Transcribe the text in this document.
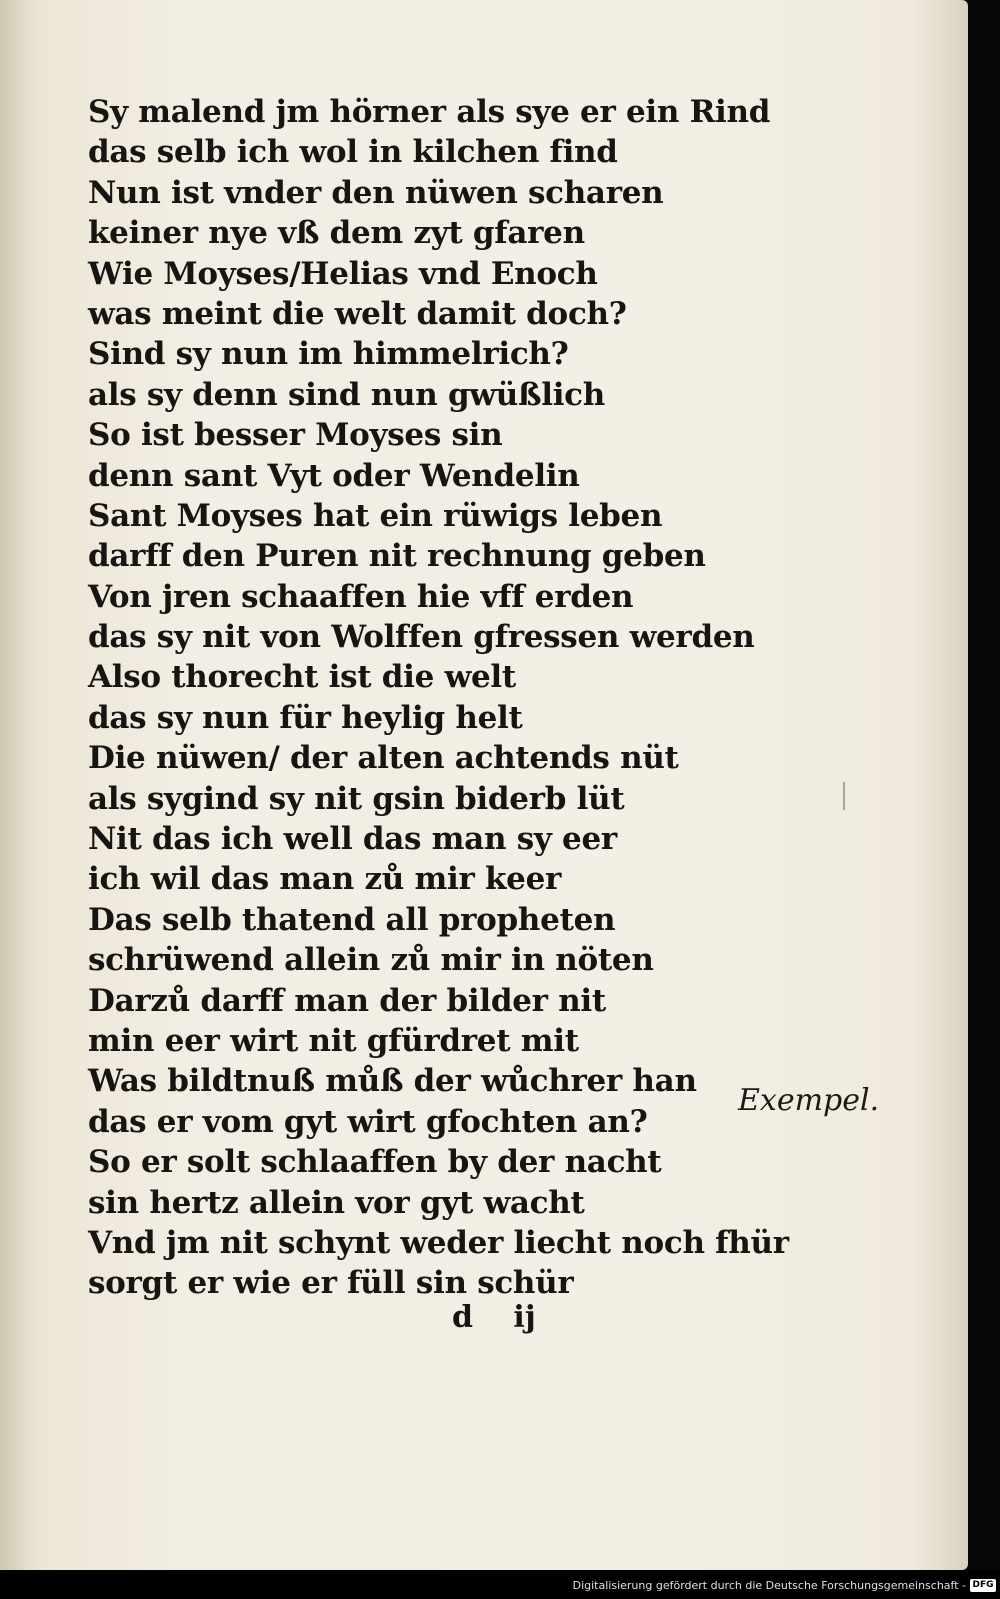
Sy malend jm hörner als sye er ein Rind
das selb ich wol in kilchen find
Nun ist vnder den nüwen scharen
keiner nye vß dem zyt gfaren
Wie Moyses/Helias vnd Enoch
was meint die welt damit doch?
Sind sy nun im himmelrich?
als sy denn sind nun gwüßlich
So ist besser Moyses sin
denn sant Vyt oder Wendelin
Sant Moyses hat ein rüwigs leben
darff den Puren nit rechnung geben
Von jren schaaffen hie vff erden
das sy nit von Wolffen gfressen werden
Also thorecht ist die welt
das sy nun für heylig helt
Die nüwen/ der alten achtends nüt
als sygind sy nit gsin biderb lüt
Nit das ich well das man sy eer
ich wil das man zů mir keer
Das selb thatend all propheten
schrüwend allein zů mir in nöten
Darzů darff man der bilder nit
min eer wirt nit gfürdret mit
Was bildtnuß můß der wůchrer han
das er vom gyt wirt gfochten an?
So er solt schlaaffen by der nacht
sin hertz allein vor gyt wacht
Vnd jm nit schynt weder liecht noch fhür
sorgt er wie er füll sin schür
Exempel.
d ij
Digitalisierung gefördert durch die Deutsche Forschungsgemeinschaft - DFG
